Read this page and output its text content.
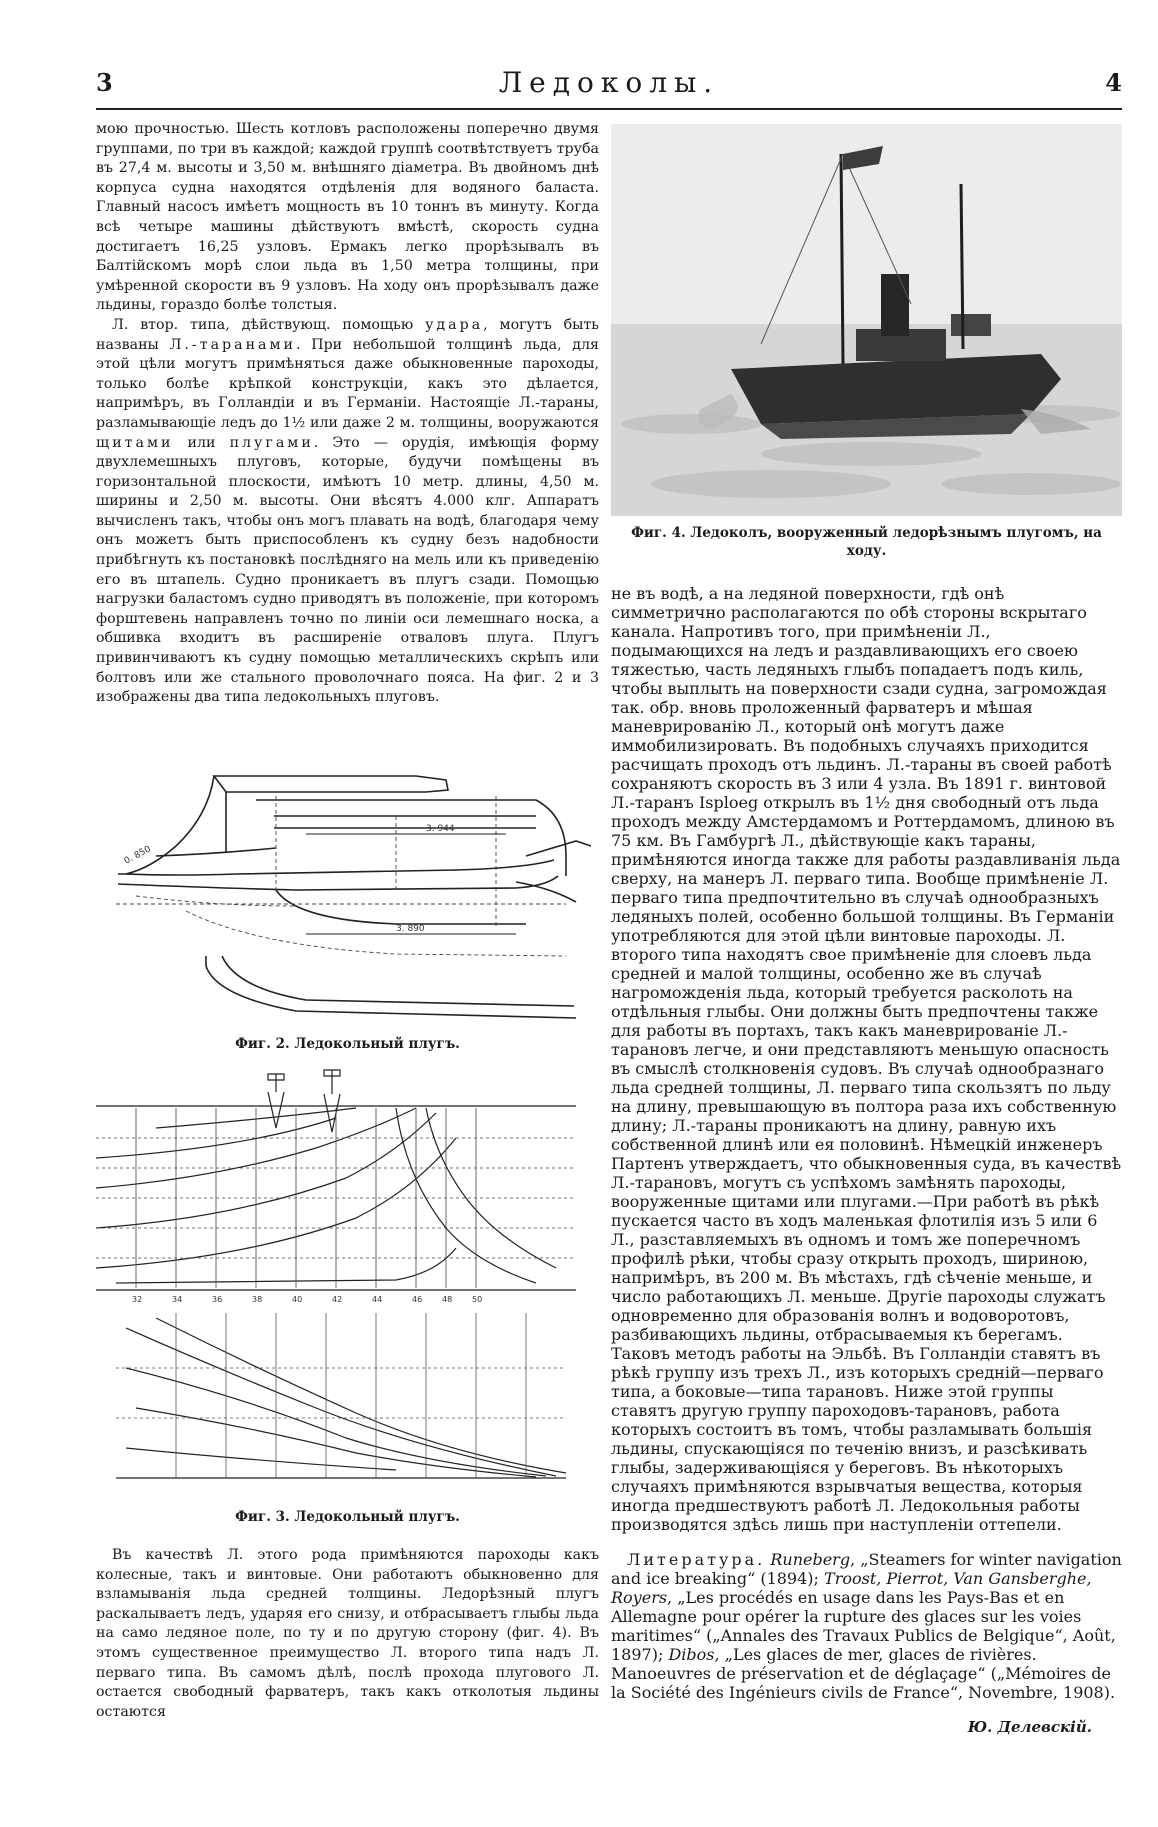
3	Ледоколы.	4

мою прочностью. Шесть котловъ расположены поперечно двумя группами, по три въ каждой; каждой группѣ соотвѣтствуетъ труба въ 27,4 м. высоты и 3,50 м. внѣшняго діаметра. Въ двойномъ днѣ корпуса судна находятся отдѣленія для водяного баласта. Главный насосъ имѣетъ мощность въ 10 тоннъ въ минуту. Когда всѣ четыре машины дѣйствуютъ вмѣстѣ, скорость судна достигаетъ 16,25 узловъ. Ермакъ легко прорѣзывалъ въ Балтійскомъ морѣ слои льда въ 1,50 метра толщины, при умѣренной скорости въ 9 узловъ. На ходу онъ прорѣзывалъ даже льдины, гораздо болѣе толстыя.

Л. втор. типа, дѣйствующ. помощью удара, могутъ быть названы Л.-таранами. При небольшой толщинѣ льда, для этой цѣли могутъ примѣняться даже обыкновенные пароходы, только болѣе крѣпкой конструкціи, какъ это дѣлается, напримѣръ, въ Голландіи и въ Германіи. Настоящіе Л.-тараны, разламывающіе ледъ до 1½ или даже 2 м. толщины, вооружаются щитами или плугами. Это — орудія, имѣющія форму двухлемешныхъ плуговъ, которые, будучи помѣщены въ горизонтальной плоскости, имѣютъ 10 метр. длины, 4,50 м. ширины и 2,50 м. высоты. Они вѣсятъ 4.000 клг. Аппаратъ вычисленъ такъ, чтобы онъ могъ плавать на водѣ, благодаря чему онъ можетъ быть приспособленъ къ судну безъ надобности прибѣгнуть къ постановкѣ послѣдняго на мель или къ приведенію его въ штапель. Судно проникаетъ въ плугъ сзади. Помощью нагрузки баластомъ судно приводятъ въ положеніе, при которомъ форштевень направленъ точно по линіи оси лемешнаго носка, а обшивка входитъ въ расширеніе отваловъ плуга. Плугъ привинчиваютъ къ судну помощью металлическихъ скрѣпъ или болтовъ или же стального проволочнаго пояса. На фиг. 2 и 3 изображены два типа ледокольныхъ плуговъ.

3. 890
3. 944
0. 850
Фиг. 2. Ледокольный плугъ.
32	34	36	38	40	42	44	46 48 50
Фиг. 3. Ледокольный плугъ.

Въ качествѣ Л. этого рода примѣняются пароходы какъ колесные, такъ и винтовые. Они работаютъ обыкновенно для взламыванія льда средней толщины. Ледорѣзный плугъ раскалываетъ ледъ, ударяя его снизу, и отбрасываетъ глыбы льда на само ледяное поле, по ту и по другую сторону (фиг. 4). Въ этомъ существенное преимущество Л. второго типа надъ Л. перваго типа. Въ самомъ дѣлѣ, послѣ прохода плугового Л. остается свободный фарватеръ, такъ какъ отколотыя льдины остаются

Фиг. 4. Ледоколъ, вооруженный ледорѣзнымъ плугомъ, на ходу.

не въ водѣ, а на ледяной поверхности, гдѣ онѣ симметрично располагаются по обѣ стороны вскрытаго канала. Напротивъ того, при примѣненіи Л., подымающихся на ледъ и раздавливающихъ его своею тяжестью, часть ледяныхъ глыбъ попадаетъ подъ киль, чтобы выплыть на поверхности сзади судна, загромождая так. обр. вновь проложенный фарватеръ и мѣшая маневрированію Л., который онѣ могутъ даже иммобилизировать. Въ подобныхъ случаяхъ приходится расчищать проходъ отъ льдинъ. Л.-тараны въ своей работѣ сохраняютъ скорость въ 3 или 4 узла. Въ 1891 г. винтовой Л.-таранъ Isploeg открылъ въ 1½ дня свободный отъ льда проходъ между Амстердамомъ и Роттердамомъ, длиною въ 75 км. Въ Гамбургѣ Л., дѣйствующіе какъ тараны, примѣняются иногда также для работы раздавливанія льда сверху, на манеръ Л. перваго типа. Вообще примѣненіе Л. перваго типа предпочтительно въ случаѣ однообразныхъ ледяныхъ полей, особенно большой толщины. Въ Германіи употребляются для этой цѣли винтовые пароходы. Л. второго типа находятъ свое примѣненіе для слоевъ льда средней и малой толщины, особенно же въ случаѣ нагроможденія льда, который требуется расколоть на отдѣльныя глыбы. Они должны быть предпочтены также для работы въ портахъ, такъ какъ маневрированіе Л.-тарановъ легче, и они представляютъ меньшую опасность въ смыслѣ столкновенія судовъ. Въ случаѣ однообразнаго льда средней толщины, Л. перваго типа скользятъ по льду на длину, превышающую въ полтора раза ихъ собственную длину; Л.-тараны проникаютъ на длину, равную ихъ собственной длинѣ или ея половинѣ. Нѣмецкій инженеръ Партенъ утверждаетъ, что обыкновенныя суда, въ качествѣ Л.-тарановъ, могутъ съ успѣхомъ замѣнять пароходы, вооруженные щитами или плугами.—При работѣ въ рѣкѣ пускается часто въ ходъ маленькая флотилія изъ 5 или 6 Л., разставляемыхъ въ одномъ и томъ же поперечномъ профилѣ рѣки, чтобы сразу открыть проходъ, шириною, напримѣръ, въ 200 м. Въ мѣстахъ, гдѣ сѣченіе меньше, и число работающихъ Л. меньше. Другіе пароходы служатъ одновременно для образованія волнъ и водоворотовъ, разбивающихъ льдины, отбрасываемыя къ берегамъ. Таковъ методъ работы на Эльбѣ. Въ Голландіи ставятъ въ рѣкѣ группу изъ трехъ Л., изъ которыхъ средній—перваго типа, а боковые—типа тарановъ. Ниже этой группы ставятъ другую группу пароходовъ-тарановъ, работа которыхъ состоитъ въ томъ, чтобы разламывать большія льдины, спускающіяся по теченію внизъ, и разсѣкивать глыбы, задерживающіяся у береговъ. Въ нѣкоторыхъ случаяхъ примѣняются взрывчатыя вещества, которыя иногда предшествуютъ работѣ Л. Ледокольныя работы производятся здѣсь лишь при наступленіи оттепели.

Литература. Runeberg, „Steamers for winter navigation and ice breaking“ (1894); Troost, Pierrot, Van Gansberghe, Royers, „Les procédés en usage dans les Pays-Bas et en Allemagne pour opérer la rupture des glaces sur les voies maritimes“ („Annales des Travaux Publics de Belgique“, Août, 1897); Dibos, „Les glaces de mer, glaces de rivières. Manoeuvres de préservation et de déglaçage“ („Mémoires de la Société des Ingénieurs civils de France“, Novembre, 1908).

Ю. Делевскій.
